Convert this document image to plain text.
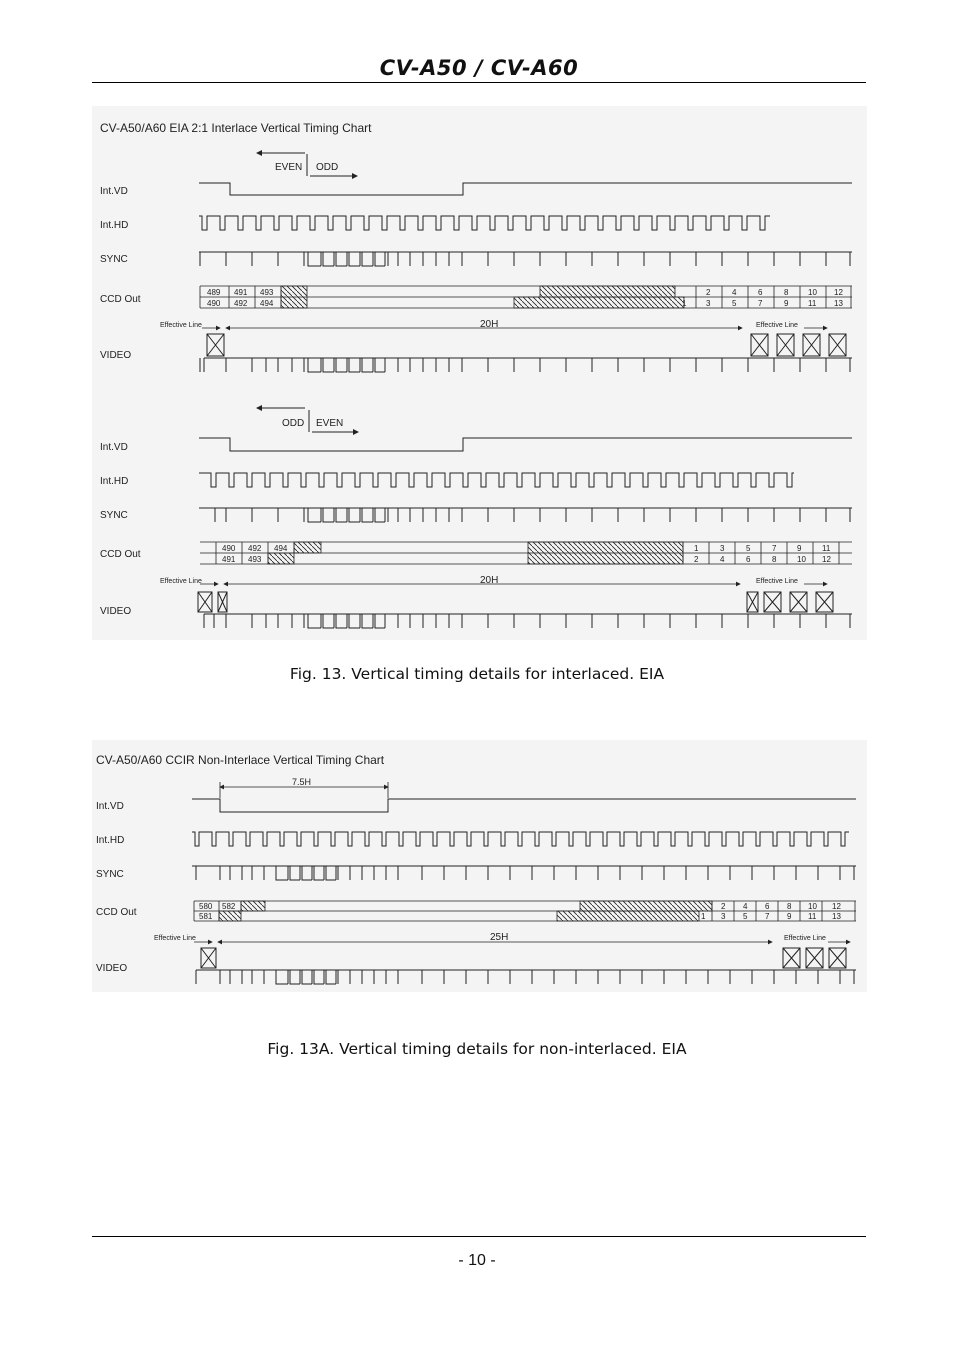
CV-A50 / CV-A60
CV-A50/A60 EIA 2:1 Interlace Vertical Timing Chart
EVEN ODD
Int.VD
Int.HD
SYNC
CCD Out
489 491 493
490 492 494
2	4	6	8 10 12
1 3	5	7	9 11 13
Effective Line	20H	Effective Line
VIDEO
ODD EVEN
Int.VD
Int.HD
SYNC
CCD Out
490 492 494
491 493
1	3	5	7	9	11
2	4	6	8	10 12
Effective Line	20H	Effective Line
VIDEO
Fig. 13. Vertical timing details for interlaced. EIA
CV-A50/A60 CCIR Non-Interlace Vertical Timing Chart
7.5H
Int.VD
Int.HD
SYNC
CCD Out
580 582
581
2 4 6 8 10 12
1 3 5 7 9 11 13
Effective Line	25H	Effective Line
VIDEO
Fig. 13A. Vertical timing details for non-interlaced. EIA
- 10 -
